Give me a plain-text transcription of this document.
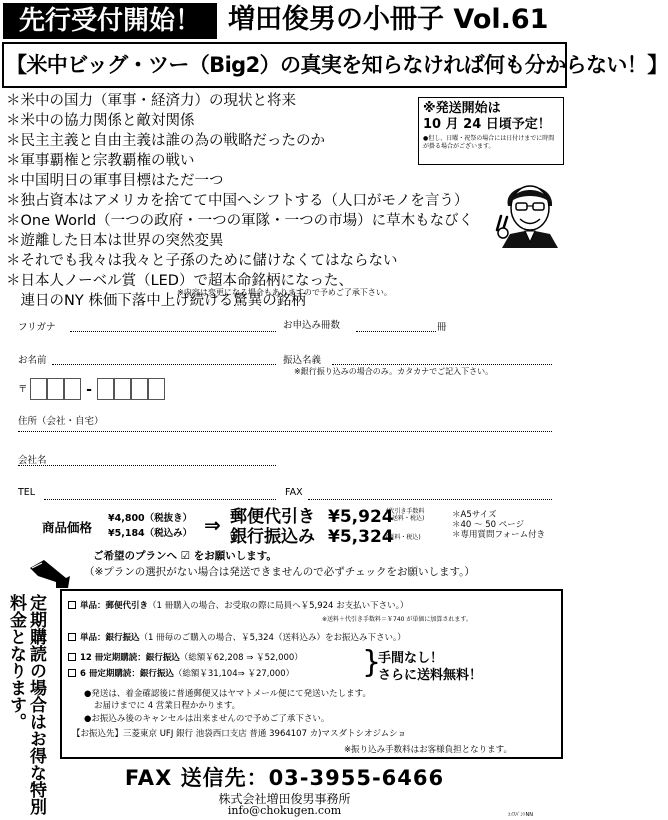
先行受付開始！	増田俊男の小冊子 Vol.61
【米中ビッグ・ツー（Big2）の真実を知らなければ何も分からない！】
＊米中の国力（軍事・経済力）の現状と将来
＊米中の協力関係と敵対関係
＊民主主義と自由主義は誰の為の戦略だったのか
＊軍事覇権と宗教覇権の戦い
＊中国明日の軍事目標はただ一つ
＊独占資本はアメリカを捨てて中国へシフトする（人口がモノを言う）
＊One World（一つの政府・一つの軍隊・一つの市場）に草木もなびく
＊遊離した日本は世界の突然変異
＊それでも我々は我々と子孫のために儲けなくてはならない
＊日本人ノーベル賞（LED）で超本命銘柄になった、
　連日のNY 株価下落中上げ続ける驚異の銘柄
※発送開始は
10 月 24 日頃予定！
●但し、日曜・祝祭の場合には日付けまでに時間が掛る場合がございます。
※内容は変更になる場合もありますので予めご了承下さい。
フリガナ	お申込み冊数	冊
お名前	振込名義
※銀行振り込みの場合のみ。カタカナでご記入下さい。
〒	-
住所（会社・自宅）
会社名
TEL	FAX
商品価格
¥4,800（税抜き）
¥5,184（税込み） ⇒ 郵便代引き ¥5,924
(代引き手数料
・送料・税込)
銀行振込み ¥5,324
(送料・税込)
＊A5サイズ
＊40 ～ 50 ページ
＊専用質問フォーム付き
ご希望のプランへ ☑ をお願いします。
（※プランの選択がない場合は発送できませんので必ずチェックをお願いします。）
定期購読の場合はお得な特別料金となります。	単品：郵便代引き（1 冊購入の場合、お受取の際に局員へ￥5,924 お支払い下さい。）
※送料＋代引き手数料＝￥740 が単価に加算されます。
単品：銀行振込（1 冊毎のご購入の場合、￥5,324（送料込み）をお振込み下さい。）
12 冊定期購読：銀行振込（総額￥62,208 ⇒ ￥52,000）
6 冊定期購読：銀行振込（総額￥31,104⇒ ￥27,000） }
手間なし！
さらに送料無料！
●発送は、着金確認後に普通郵便又はヤマトメール便にて発送いたします。
お届けまでに 4 営業日程かかります。
●お振込み後のキャンセルは出来ませんので予めご了承下さい。
【お振込先】三菱東京 UFJ 銀行 池袋西口支店 普通 3964107 カ)マスダトシオジムショ
※振り込み手数料はお客様負担となります。
FAX 送信先：03-3955-6466
株式会社増田俊男事務所
info@chokugen.com	ｴｲｽﾊﾞﾝﾄNN
